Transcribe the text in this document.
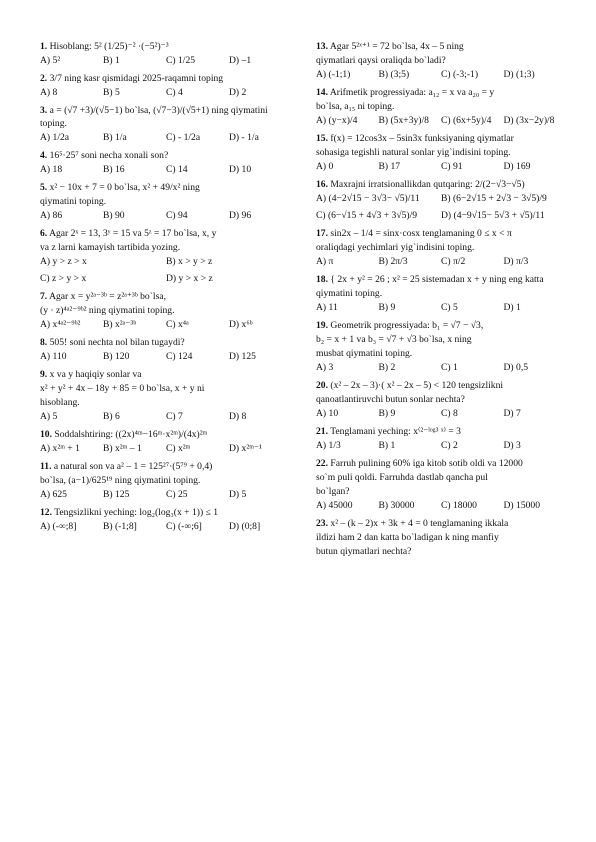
1. Hisoblang: 5² (1/25)⁻² ·(−5²)⁻³
A) 5²	B) 1	C) 1/25	D) –1
2. 3/7 ning kasr qismidagi 2025-raqamni toping
A) 8	B) 5	C) 4	D) 2
3. a = (√7 +3)/(√5−1) bo`lsa, (√7−3)/(√5+1) ning qiymatini toping.
A) 1/2a	B) 1/a	C) - 1/2a	D) - 1/a
4. 16⁵·25⁷ soni necha xonali son?
A) 18	B) 16	C) 14	D) 10
5. x² − 10x + 7 = 0 bo`lsa, x² + 49/x² ning
qiymatini toping.
A) 86	B) 90	C) 94	D) 96
6. Agar 2ˣ = 13, 3ʸ = 15 va 5ᶻ = 17 bo`lsa, x, y
va z larni kamayish tartibida yozing.
A) y > z > x	B) x > y > z
C) z > y > x	D) y > x > z
7. Agar x = y²ᵃ⁻³ᵇ = z²ᵃ⁺³ᵇ bo`lsa,
(y · z)⁴ᵃ²⁻⁹ᵇ² ning qiymatini toping.
A) x⁴ᵃ²⁻⁹ᵇ²	B) x²ᵃ⁻³ᵇ	C) x⁴ᵃ	D) x⁶ᵇ
8. 505! soni nechta nol bilan tugaydi?
A) 110	B) 120	C) 124	D) 125
9. x va y haqiqiy sonlar va
x² + y² + 4x – 18y + 85 = 0 bo`lsa, x + y ni
hisoblang.
A) 5	B) 6	C) 7	D) 8
10. Soddalshtiring: ((2x)⁴ᵐ−16ᵐ·x²ᵐ)/(4x)²ᵐ
A) x²ᵐ + 1	B) x²ᵐ – 1	C) x²ᵐ	D) x²ᵐ⁻¹
11. a natural son va a² – 1 = 125²⁷·(5⁷⁹ + 0,4)
bo`lsa, (a−1)/625¹⁹ ning qiymatini toping.
A) 625	B) 125	C) 25	D) 5
12. Tengsizlikni yeching: log₂(log₃(x + 1)) ≤ 1
A) (-∞;8]	B) (-1;8]	C) (-∞;6]	D) (0;8]
13. Agar 5²ˣ⁺¹ = 72 bo`lsa, 4x – 5 ning
qiymatlari qaysi oraliqda bo`ladi?
A) (-1;1)	B) (3;5)	C) (-3;-1)	D) (1;3)
14. Arifmetik progressiyada: a₁₂ = x va a₂₀ = y
bo`lsa, a₁₅ ni toping.
A) (y−x)/4	B) (5x+3y)/8	C) (6x+5y)/4	D) (3x−2y)/8
15. f(x) = 12cos3x – 5sin3x funksiyaning qiymatlar
sohasiga tegishli natural sonlar yig`indisini toping.
A) 0	B) 17	C) 91	D) 169
16. Maxrajni irratsionallikdan qutqaring: 2/(2−√3−√5)
A) (4−2√15 − 3√3− √5)/11	B) (6−2√15 + 2√3 − 3√5)/9
C) (6−√15 + 4√3 + 3√5)/9	D) (4−9√15− 5√3 + √5)/11
17. sin2x – 1/4 = sinx·cosx tenglamaning 0 ≤ x < π
oraliqdagi yechimlari yig`indisini toping.
A) π	B) 2π/3	C) π/2	D) π/3
18. { 2x + y² = 26 ; x² = 25 sistemadan x + y ning eng katta
qiymatini toping.
A) 11	B) 9	C) 5	D) 1
19. Geometrik progressiyada: b₁ = √7 − √3,
b₂ = x + 1 va b₃ = √7 + √3 bo`lsa, x ning
musbat qiymatini toping.
A) 3	B) 2	C) 1	D) 0,5
20. (x² – 2x – 3)·( x² – 2x – 5) < 120 tengsizlikni
qanoatlantiruvchi butun sonlar nechta?
A) 10	B) 9	C) 8	D) 7
21. Tenglamani yeching: x⁽²⁻ˡᵒᵍ³ ˣ⁾ = 3
A) 1/3	B) 1	C) 2	D) 3
22. Farruh pulining 60% iga kitob sotib oldi va 12000
so`m puli qoldi. Farruhda dastlab qancha pul
bo`lgan?
A) 45000	B) 30000	C) 18000	D) 15000
23. x² – (k – 2)x + 3k + 4 = 0 tenglamaning ikkala
ildizi ham 2 dan katta bo`ladigan k ning manfiy
butun qiymatlari nechta?
